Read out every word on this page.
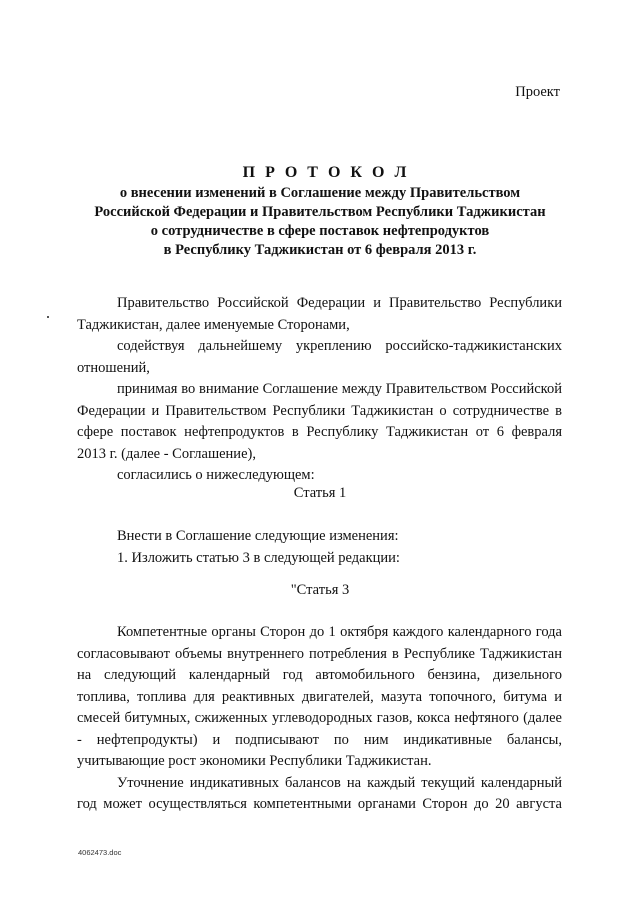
Проект
П Р О Т О К О Л
о внесении изменений в Соглашение между Правительством
Российской Федерации и Правительством Республики Таджикистан
о сотрудничестве в сфере поставок нефтепродуктов
в Республику Таджикистан от 6 февраля 2013 г.

Правительство Российской Федерации и Правительство Республики Таджикистан, далее именуемые Сторонами,

содействуя дальнейшему укреплению российско-таджикистанских отношений,

принимая во внимание Соглашение между Правительством Российской Федерации и Правительством Республики Таджикистан о сотрудничестве в сфере поставок нефтепродуктов в Республику Таджикистан от 6 февраля 2013 г. (далее - Соглашение),

согласились о нижеследующем:

Статья 1

Внести в Соглашение следующие изменения:

1. Изложить статью 3 в следующей редакции:

"Статья 3

Компетентные органы Сторон до 1 октября каждого календарного года согласовывают объемы внутреннего потребления в Республике Таджикистан на следующий календарный год автомобильного бензина, дизельного топлива, топлива для реактивных двигателей, мазута топочного, битума и смесей битумных, сжиженных углеводородных газов, кокса нефтяного (далее - нефтепродукты) и подписывают по ним индикативные балансы, учитывающие рост экономики Республики Таджикистан.

Уточнение индикативных балансов на каждый текущий календарный год может осуществляться компетентными органами Сторон до 20 августа

4062473.doc
